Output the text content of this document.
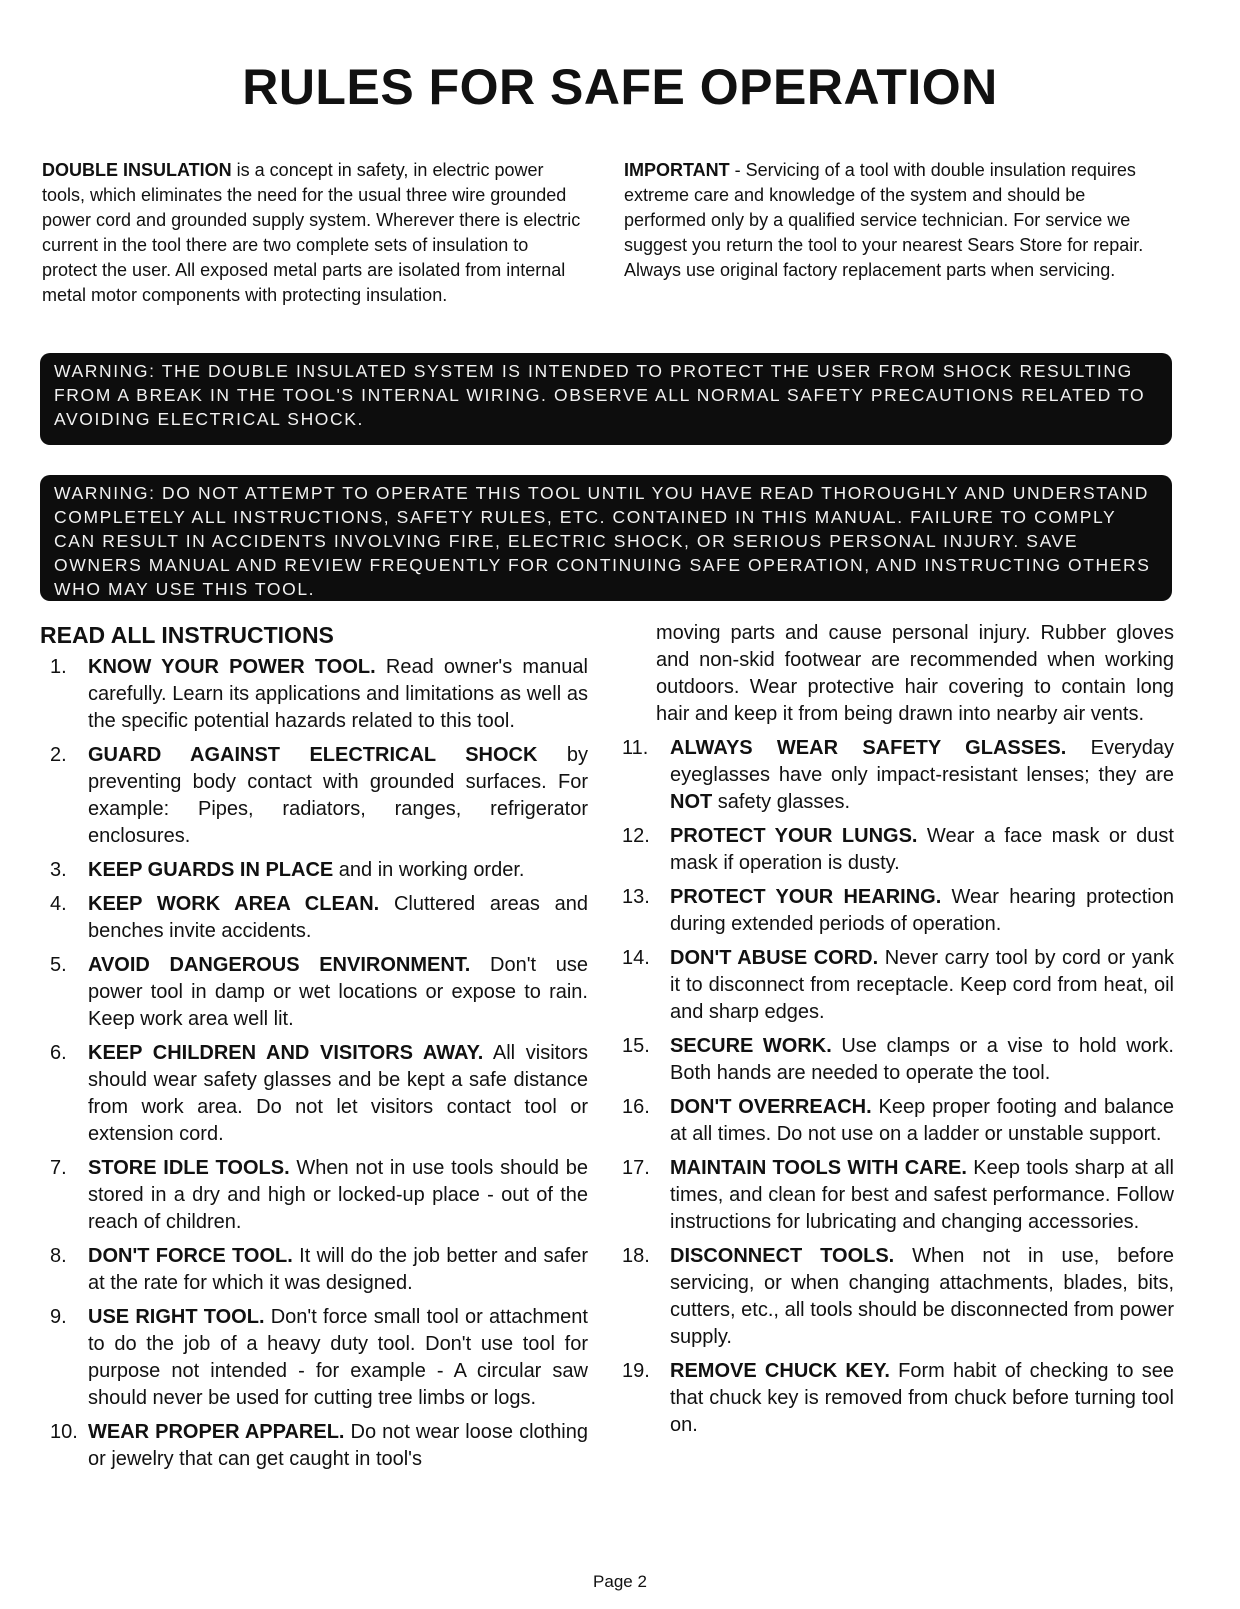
RULES FOR SAFE OPERATION
DOUBLE INSULATION is a concept in safety, in electric power tools, which eliminates the need for the usual three wire grounded power cord and grounded supply system. Wherever there is electric current in the tool there are two complete sets of insulation to protect the user. All exposed metal parts are isolated from internal metal motor components with protecting insulation.
IMPORTANT - Servicing of a tool with double insulation requires extreme care and knowledge of the system and should be performed only by a qualified service technician. For service we suggest you return the tool to your nearest Sears Store for repair. Always use original factory replacement parts when servicing.
WARNING: THE DOUBLE INSULATED SYSTEM IS INTENDED TO PROTECT THE USER FROM SHOCK RESULTING FROM A BREAK IN THE TOOL'S INTERNAL WIRING. OBSERVE ALL NORMAL SAFETY PRECAUTIONS RELATED TO AVOIDING ELECTRICAL SHOCK.
WARNING: DO NOT ATTEMPT TO OPERATE THIS TOOL UNTIL YOU HAVE READ THOROUGHLY AND UNDERSTAND COMPLETELY ALL INSTRUCTIONS, SAFETY RULES, ETC. CONTAINED IN THIS MANUAL. FAILURE TO COMPLY CAN RESULT IN ACCIDENTS INVOLVING FIRE, ELECTRIC SHOCK, OR SERIOUS PERSONAL INJURY. SAVE OWNERS MANUAL AND REVIEW FREQUENTLY FOR CONTINUING SAFE OPERATION, AND INSTRUCTING OTHERS WHO MAY USE THIS TOOL.
READ ALL INSTRUCTIONS
1.	KNOW YOUR POWER TOOL. Read owner's manual carefully. Learn its applications and limitations as well as the specific potential hazards related to this tool.
2.	GUARD AGAINST ELECTRICAL SHOCK by preventing body contact with grounded surfaces. For example: Pipes, radiators, ranges, refrigerator enclosures.
3.	KEEP GUARDS IN PLACE and in working order.
4.	KEEP WORK AREA CLEAN. Cluttered areas and benches invite accidents.
5.	AVOID DANGEROUS ENVIRONMENT. Don't use power tool in damp or wet locations or expose to rain. Keep work area well lit.
6.	KEEP CHILDREN AND VISITORS AWAY. All visitors should wear safety glasses and be kept a safe distance from work area. Do not let visitors contact tool or extension cord.
7.	STORE IDLE TOOLS. When not in use tools should be stored in a dry and high or locked-up place - out of the reach of children.
8.	DON'T FORCE TOOL. It will do the job better and safer at the rate for which it was designed.
9.	USE RIGHT TOOL. Don't force small tool or attachment to do the job of a heavy duty tool. Don't use tool for purpose not intended - for example - A circular saw should never be used for cutting tree limbs or logs.
10. WEAR PROPER APPAREL. Do not wear loose clothing or jewelry that can get caught in tool's
moving parts and cause personal injury. Rubber gloves and non-skid footwear are recommended when working outdoors. Wear protective hair covering to contain long hair and keep it from being drawn into nearby air vents.
11. ALWAYS WEAR SAFETY GLASSES. Everyday eyeglasses have only impact-resistant lenses; they are NOT safety glasses.
12. PROTECT YOUR LUNGS. Wear a face mask or dust mask if operation is dusty.
13. PROTECT YOUR HEARING. Wear hearing protection during extended periods of operation.
14. DON'T ABUSE CORD. Never carry tool by cord or yank it to disconnect from receptacle. Keep cord from heat, oil and sharp edges.
15. SECURE WORK. Use clamps or a vise to hold work. Both hands are needed to operate the tool.
16. DON'T OVERREACH. Keep proper footing and balance at all times. Do not use on a ladder or unstable support.
17. MAINTAIN TOOLS WITH CARE. Keep tools sharp at all times, and clean for best and safest performance. Follow instructions for lubricating and changing accessories.
18. DISCONNECT TOOLS. When not in use, before servicing, or when changing attachments, blades, bits, cutters, etc., all tools should be disconnected from power supply.
19. REMOVE CHUCK KEY. Form habit of checking to see that chuck key is removed from chuck before turning tool on.
Page 2
